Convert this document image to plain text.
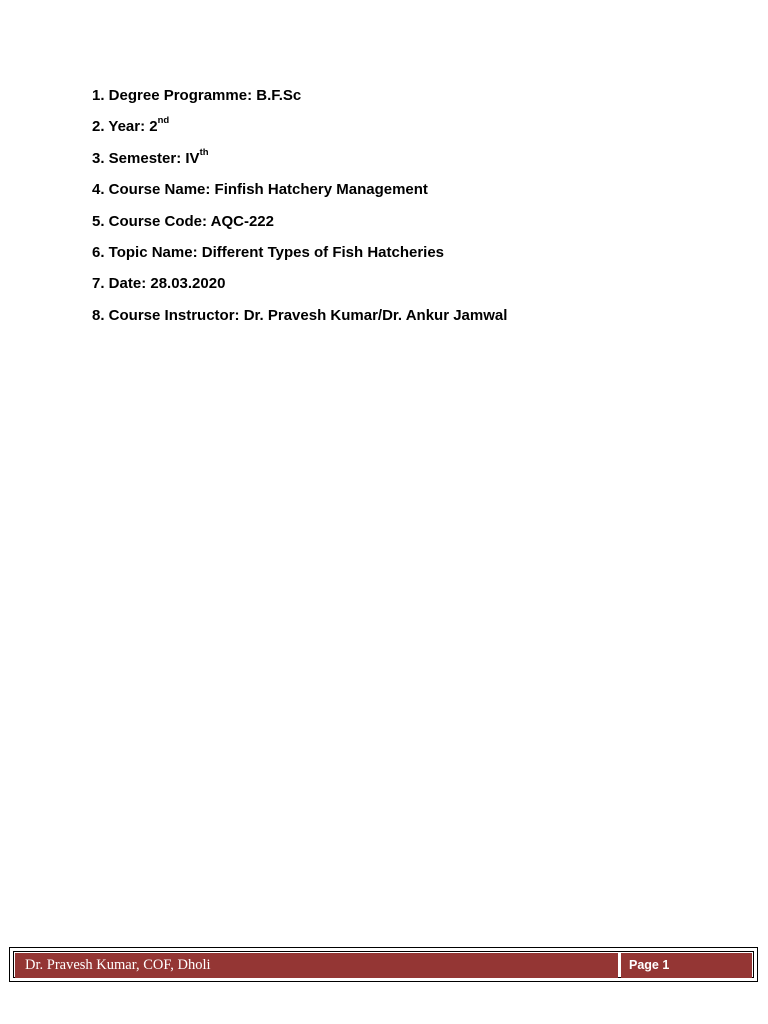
1. Degree Programme: B.F.Sc
2. Year: 2nd
3. Semester: IVth
4. Course Name: Finfish Hatchery Management
5. Course Code: AQC-222
6. Topic Name: Different Types of Fish Hatcheries
7. Date: 28.03.2020
8. Course Instructor: Dr. Pravesh Kumar/Dr. Ankur Jamwal
Dr. Pravesh Kumar, COF, Dholi	Page 1
